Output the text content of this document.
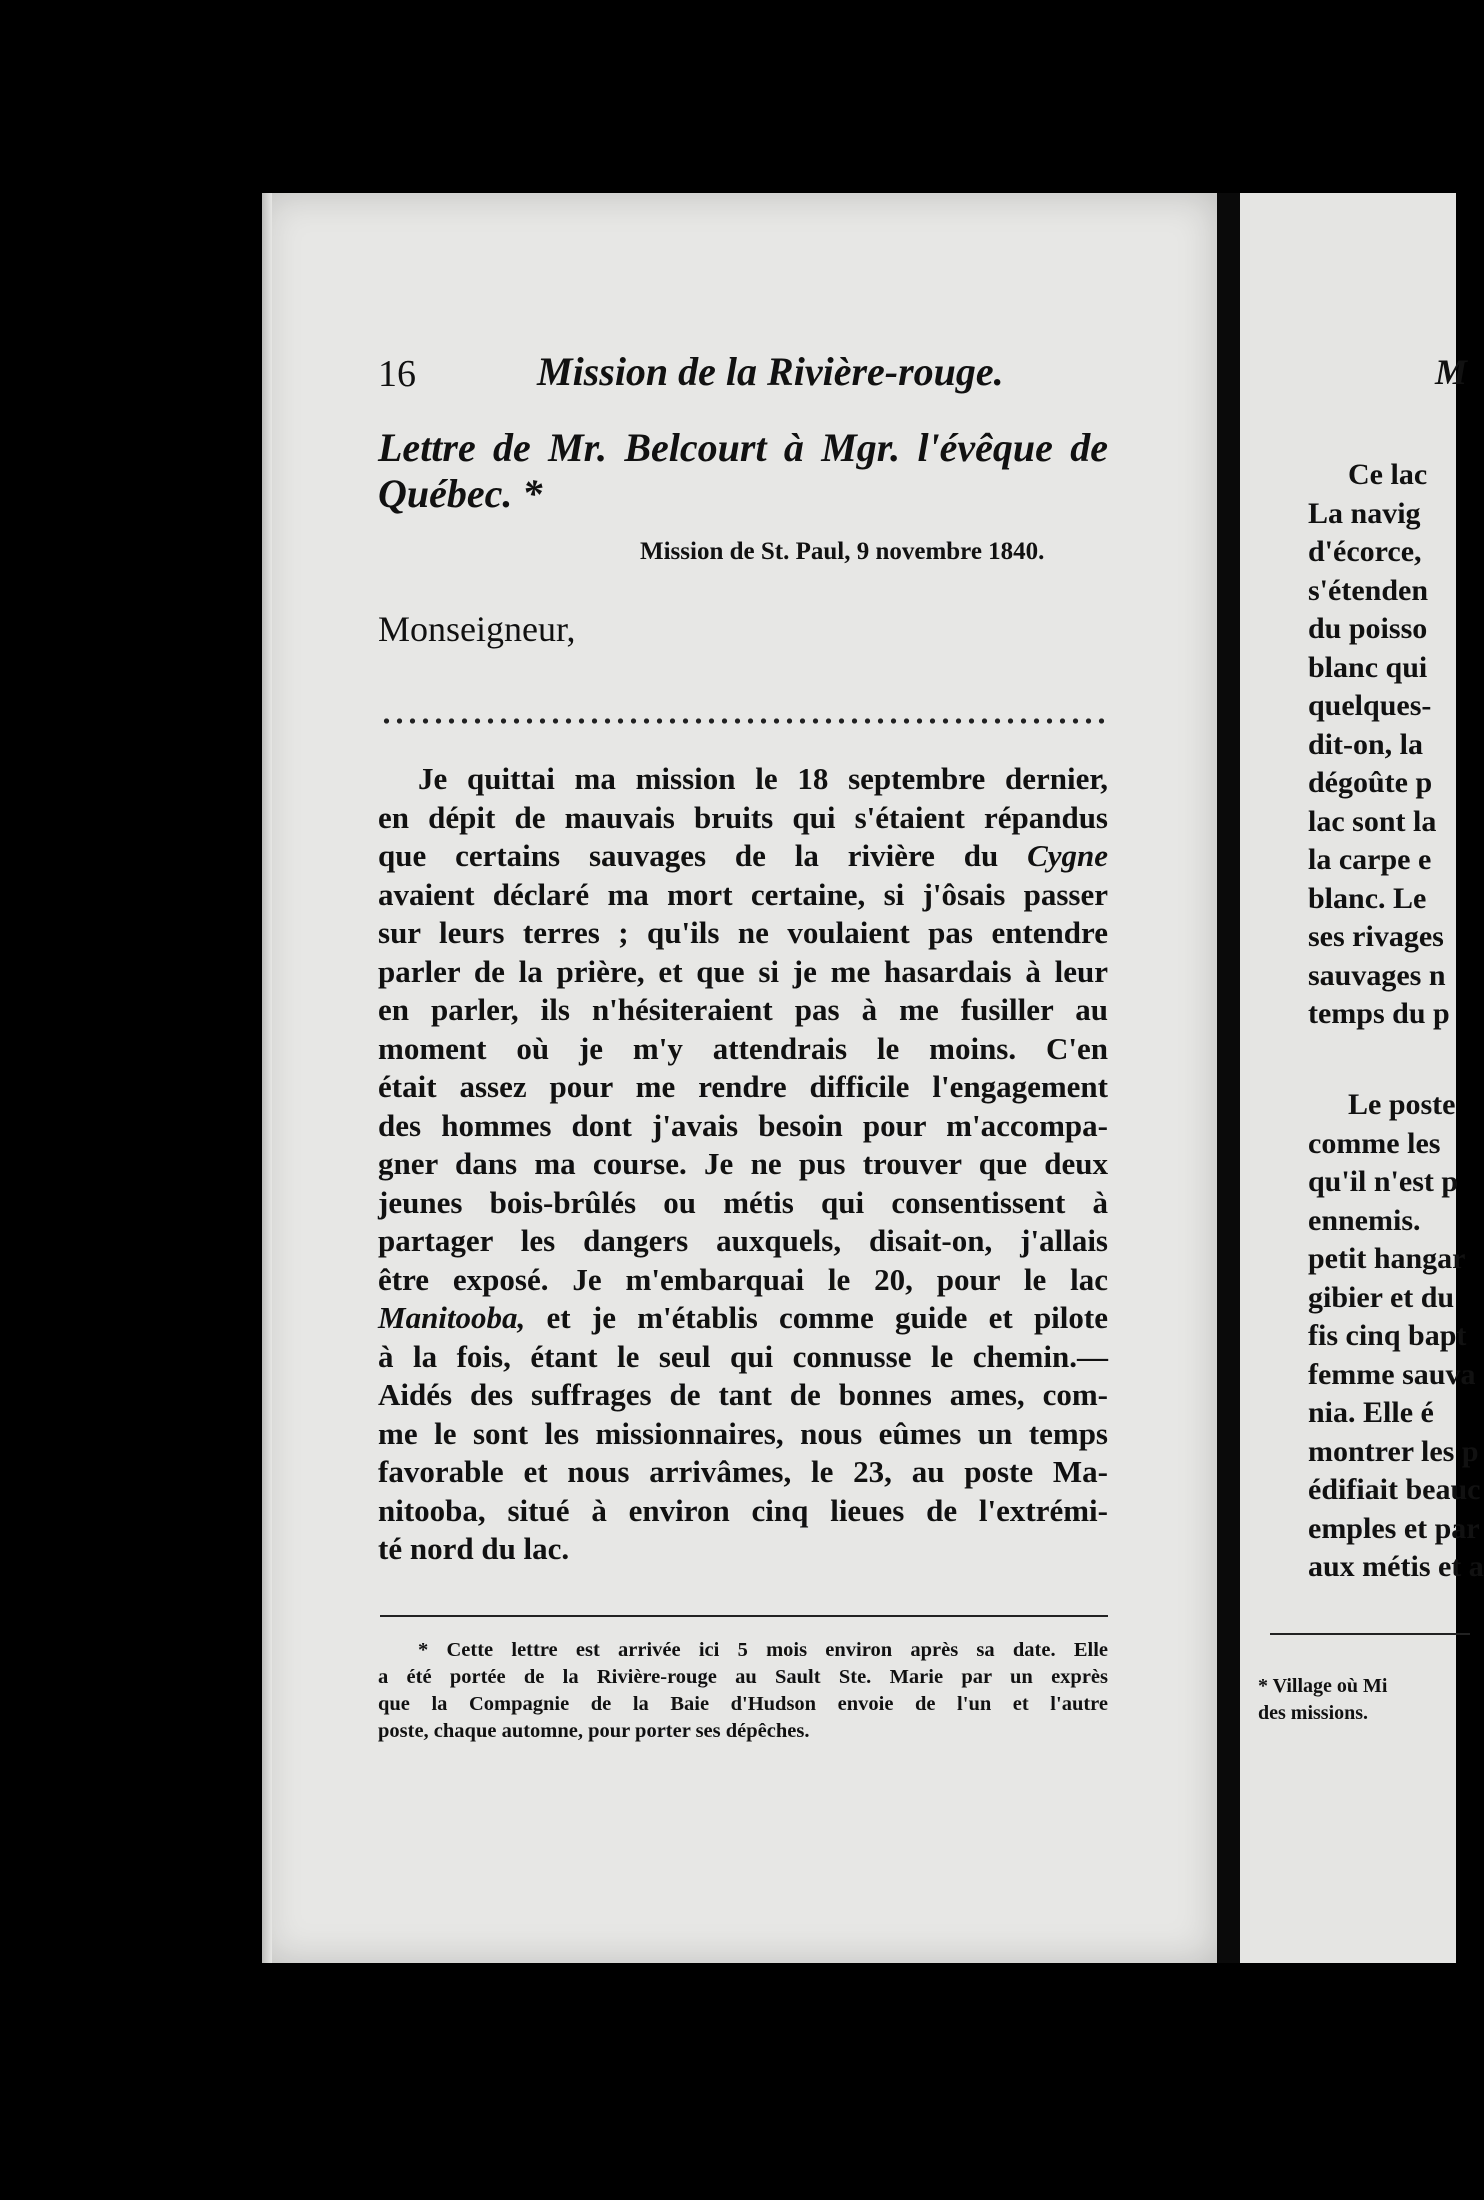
16	Mission de la Rivière-rouge.
Lettre de Mr. Belcourt à Mgr. l'évêque de
Québec. *
Mission de St. Paul, 9 novembre 1840.
Monseigneur,
Je quittai ma mission le 18 septembre dernier,
en dépit de mauvais bruits qui s'étaient répandus
que certains sauvages de la rivière du Cygne
avaient déclaré ma mort certaine, si j'ôsais passer
sur leurs terres ; qu'ils ne voulaient pas entendre
parler de la prière, et que si je me hasardais à leur
en parler, ils n'hésiteraient pas à me fusiller au
moment où je m'y attendrais le moins. C'en
était assez pour me rendre difficile l'engagement
des hommes dont j'avais besoin pour m'accompa-
gner dans ma course. Je ne pus trouver que deux
jeunes bois-brûlés ou métis qui consentissent à
partager les dangers auxquels, disait-on, j'allais
être exposé. Je m'embarquai le 20, pour le lac
Manitooba, et je m'établis comme guide et pilote
à la fois, étant le seul qui connusse le chemin.—
Aidés des suffrages de tant de bonnes ames, com-
me le sont les missionnaires, nous eûmes un temps
favorable et nous arrivâmes, le 23, au poste Ma-
nitooba, situé à environ cinq lieues de l'extrémi-
té nord du lac.
* Cette lettre est arrivée ici 5 mois environ après sa date. Elle
a été portée de la Rivière-rouge au Sault Ste. Marie par un exprès
que la Compagnie de la Baie d'Hudson envoie de l'un et l'autre
poste, chaque automne, pour porter ses dépêches.
M
Ce lac
La navig
d'écorce,
s'étenden
du poisso
blanc qui
quelques-
dit-on, la
dégoûte p
lac sont la
la carpe e
blanc. Le
ses rivages
sauvages n
temps du p
Le poste
comme les
qu'il n'est p
ennemis.
petit hangar
gibier et du
fis cinq bapt
femme sauva
nia. Elle é
montrer les p
édifiait beauc
emples et par
aux métis et a
* Village où Mi
des missions.
